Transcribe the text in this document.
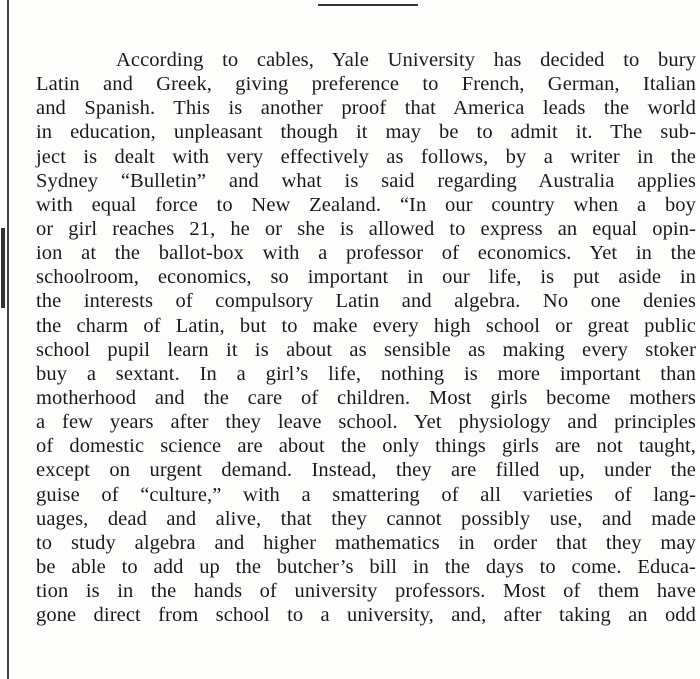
According to cables, Yale University has decided to bury
Latin and Greek, giving preference to French, German, Italian
and Spanish. This is another proof that America leads the world
in education, unpleasant though it may be to admit it. The sub-
ject is dealt with very effectively as follows, by a writer in the
Sydney “Bulletin” and what is said regarding Australia applies
with equal force to New Zealand. “In our country when a boy
or girl reaches 21, he or she is allowed to express an equal opin-
ion at the ballot-box with a professor of economics. Yet in the
schoolroom, economics, so important in our life, is put aside in
the interests of compulsory Latin and algebra. No one denies
the charm of Latin, but to make every high school or great public
school pupil learn it is about as sensible as making every stoker
buy a sextant. In a girl’s life, nothing is more important than
motherhood and the care of children. Most girls become mothers
a few years after they leave school. Yet physiology and principles
of domestic science are about the only things girls are not taught,
except on urgent demand. Instead, they are filled up, under the
guise of “culture,” with a smattering of all varieties of lang-
uages, dead and alive, that they cannot possibly use, and made
to study algebra and higher mathematics in order that they may
be able to add up the butcher’s bill in the days to come. Educa-
tion is in the hands of university professors. Most of them have
gone direct from school to a university, and, after taking an odd
